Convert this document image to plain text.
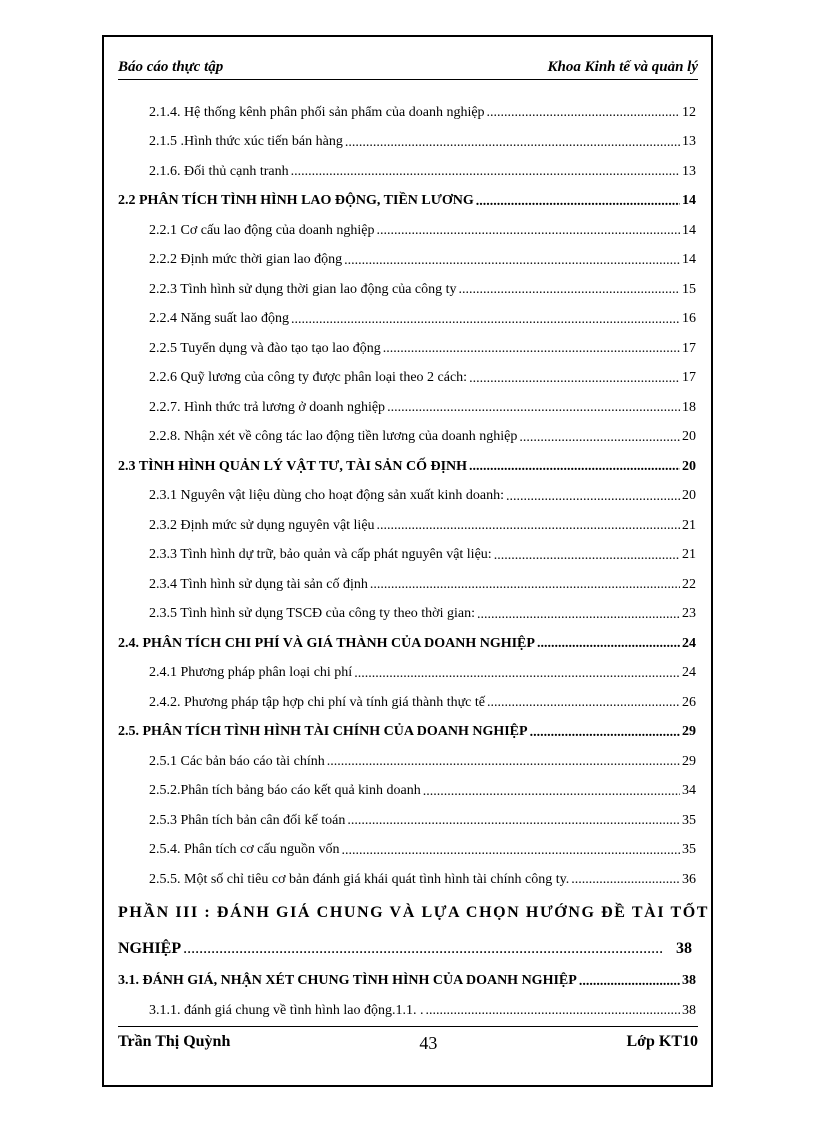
Báo cáo thực tập	Khoa Kinh tế và quản lý
2.1.4. Hệ thống kênh phân phối sản phẩm của doanh nghiệp .....	12
2.1.5 .Hình thức xúc tiến bán hàng .....	13
2.1.6. Đối thủ cạnh tranh .....	13
2.2 PHÂN TÍCH TÌNH HÌNH LAO ĐỘNG, TIỀN LƯƠNG .....	14
2.2.1 Cơ cấu lao động của doanh nghiệp .....	14
2.2.2 Định mức thời gian lao động .....	14
2.2.3 Tình hình sử dụng thời gian lao động của công ty .....	15
2.2.4 Năng suất lao động .....	16
2.2.5 Tuyển dụng và đào tạo tạo lao động .....	17
2.2.6 Quỹ lương của công ty được phân loại theo 2 cách: .....	17
2.2.7. Hình thức trả lương ở doanh nghiệp .....	18
2.2.8. Nhận xét về công tác lao động tiền lương của doanh nghiệp .....	20
2.3 TÌNH HÌNH QUẢN LÝ VẬT TƯ, TÀI SẢN CỐ ĐỊNH .....	20
2.3.1 Nguyên vật liệu dùng cho hoạt động sản xuất kinh doanh: .....	20
2.3.2 Định mức sử dụng nguyên vật liệu .....	21
2.3.3 Tình hình dự trữ, bảo quản và cấp phát nguyên vật liệu: .....	21
2.3.4 Tình hình sử dụng tài sản cố định .....	22
2.3.5 Tình hình sử dụng TSCĐ của công ty theo thời gian: .....	23
2.4. PHÂN TÍCH CHI PHÍ VÀ GIÁ THÀNH CỦA DOANH NGHIỆP .....	24
2.4.1 Phương pháp phân loại chi phí .....	24
2.4.2. Phương pháp tập hợp chi phí và tính giá thành thực tế .....	26
2.5. PHÂN TÍCH TÌNH HÌNH TÀI CHÍNH CỦA DOANH NGHIỆP .....	29
2.5.1 Các bản báo cáo tài chính .....	29
2.5.2.Phân tích bảng báo cáo kết quả kinh doanh .....	34
2.5.3 Phân tích bản cân đối kế toán .....	35
2.5.4. Phân tích cơ cấu nguồn vốn .....	35
2.5.5. Một số chỉ tiêu cơ bản đánh giá khái quát tình hình tài chính công ty. .....	36
PHẦN III : ĐÁNH GIÁ CHUNG VÀ LỰA CHỌN HƯỚNG ĐỀ TÀI TỐT
NGHIỆP .....	38
3.1. ĐÁNH GIÁ, NHẬN XÉT CHUNG TÌNH HÌNH CỦA DOANH NGHIỆP .....	38
3.1.1. đánh giá chung về tình hình lao động.1.1. . .....	38
Trần Thị Quỳnh	43	Lớp KT10
